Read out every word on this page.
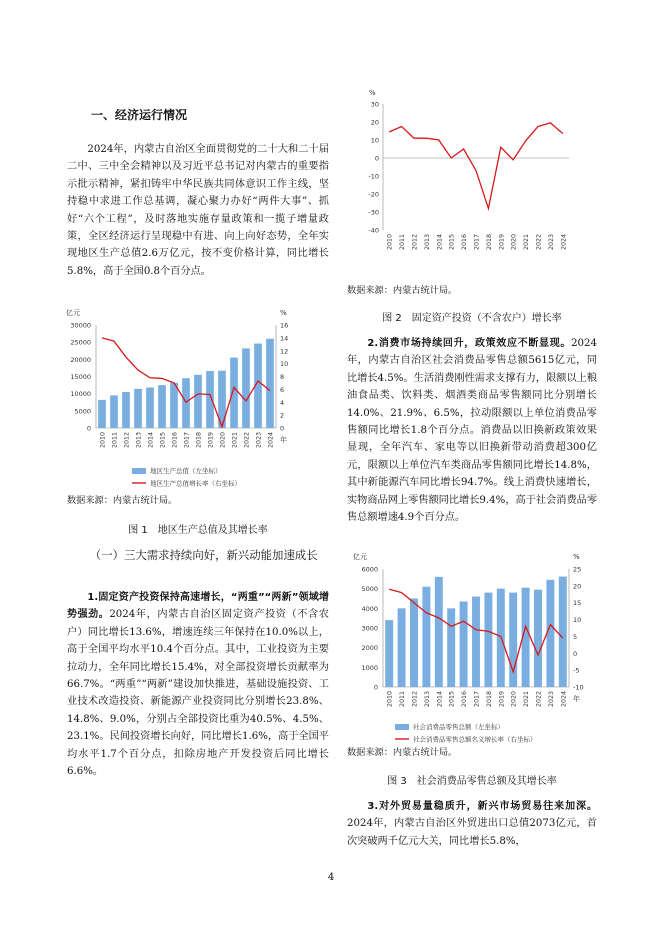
一、经济运行情况

2024年，内蒙古自治区全面贯彻党的二十大和二十届二中、三中全会精神以及习近平总书记对内蒙古的重要指示批示精神，紧扣铸牢中华民族共同体意识工作主线，坚持稳中求进工作总基调，凝心聚力办好“两件大事”、抓好“六个工程”，及时落地实施存量政策和一揽子增量政策，全区经济运行呈现稳中有进、向上向好态势，全年实现地区生产总值2.6万亿元，按不变价格计算，同比增长5.8%，高于全国0.8个百分点。

亿元	%
0
5000
10000
15000
20000
25000
30000
0
2
4
6
8
10
12
14
16
2010 2011 2012 2013 2014 2015 2016 2017 2018 2019 2020 2021 2022 2023 2024 年
地区生产总值（左坐标）
地区生产总值增长率（右坐标）

数据来源：内蒙古统计局。

图 1　地区生产总值及其增长率

（一）三大需求持续向好，新兴动能加速成长

1.固定资产投资保持高速增长，“两重”“两新”领域增势强劲。2024年，内蒙古自治区固定资产投资（不含农户）同比增长13.6%，增速连续三年保持在10.0%以上，高于全国平均水平10.4个百分点。其中，工业投资为主要拉动力，全年同比增长15.4%，对全部投资增长贡献率为66.7%。“两重”“两新”建设加快推进，基础设施投资、工业技术改造投资、新能源产业投资同比分别增长23.8%、14.8%、9.0%，分别占全部投资比重为40.5%、4.5%、23.1%。民间投资增长向好，同比增长1.6%，高于全国平均水平1.7个百分点，扣除房地产开发投资后同比增长6.6%。

%
30
20
10
0
-10
-20
-30
-40
2010 2011 2012 2013 2014 2015 2016 2017 2018 2019 2020 2021 2022 2023 2024

数据来源：内蒙古统计局。

图 2　固定资产投资（不含农户）增长率

2.消费市场持续回升，政策效应不断显现。2024年，内蒙古自治区社会消费品零售总额5615亿元，同比增长4.5%。生活消费刚性需求支撑有力，限额以上粮油食品类、饮料类、烟酒类商品零售额同比分别增长14.0%、21.9%、6.5%，拉动限额以上单位消费品零售额同比增长1.8个百分点。消费品以旧换新政策效果显现，全年汽车、家电等以旧换新带动消费超300亿元，限额以上单位汽车类商品零售额同比增长14.8%，其中新能源汽车同比增长94.7%。线上消费快速增长，实物商品网上零售额同比增长9.4%，高于社会消费品零售总额增速4.9个百分点。

亿元	%
0
1000
2000
3000
4000
5000
6000
-10
-5
0
5
10
15
20
25
2010 2011 2012 2013 2014 2015 2016 2017 2018 2019 2020 2021 2022 2023 2024 年
社会消费品零售总额（左坐标）
社会消费品零售总额名义增长率（右坐标）

数据来源：内蒙古统计局。

图 3　社会消费品零售总额及其增长率

3.对外贸易量稳质升，新兴市场贸易往来加深。2024年，内蒙古自治区外贸进出口总值2073亿元，首次突破两千亿元大关，同比增长5.8%，

4
